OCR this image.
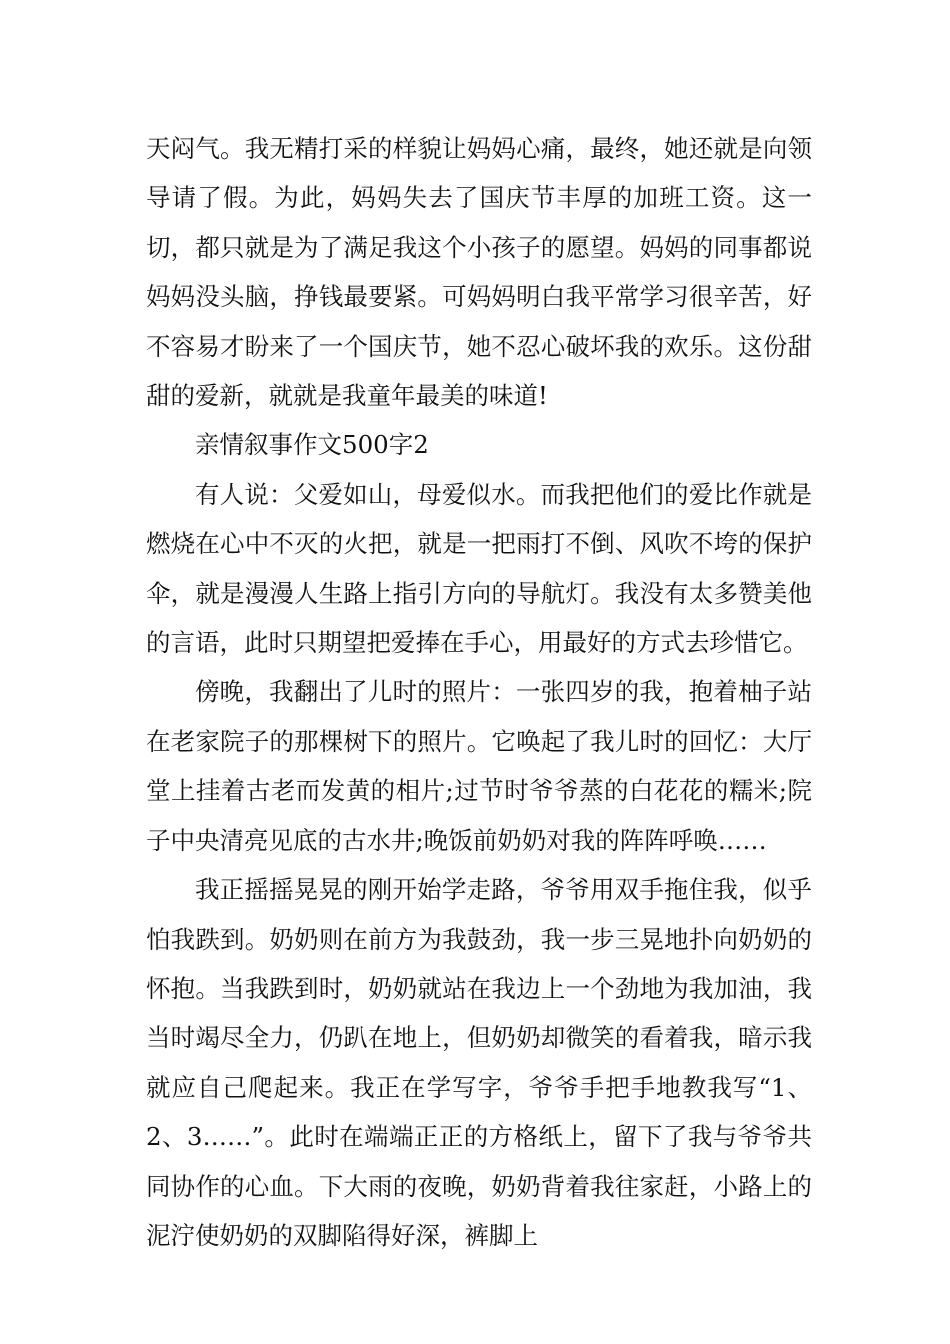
天闷气。我无精打采的样貌让妈妈心痛，最终，她还就是向领导请了假。为此，妈妈失去了国庆节丰厚的加班工资。这一切，都只就是为了满足我这个小孩子的愿望。妈妈的同事都说妈妈没头脑，挣钱最要紧。可妈妈明白我平常学习很辛苦，好不容易才盼来了一个国庆节，她不忍心破坏我的欢乐。这份甜甜的爱新，就就是我童年最美的味道!

亲情叙事作文500字2

有人说：父爱如山，母爱似水。而我把他们的爱比作就是燃烧在心中不灭的火把，就是一把雨打不倒、风吹不垮的保护伞，就是漫漫人生路上指引方向的导航灯。我没有太多赞美他的言语，此时只期望把爱捧在手心，用最好的方式去珍惜它。

傍晚，我翻出了儿时的照片：一张四岁的我，抱着柚子站在老家院子的那棵树下的照片。它唤起了我儿时的回忆：大厅堂上挂着古老而发黄的相片;过节时爷爷蒸的白花花的糯米;院子中央清亮见底的古水井;晚饭前奶奶对我的阵阵呼唤……

我正摇摇晃晃的刚开始学走路，爷爷用双手拖住我，似乎怕我跌到。奶奶则在前方为我鼓劲，我一步三晃地扑向奶奶的怀抱。当我跌到时，奶奶就站在我边上一个劲地为我加油，我当时竭尽全力，仍趴在地上，但奶奶却微笑的看着我，暗示我就应自己爬起来。我正在学写字，爷爷手把手地教我写“1、2、3……”。此时在端端正正的方格纸上，留下了我与爷爷共同协作的心血。下大雨的夜晚，奶奶背着我往家赶，小路上的泥泞使奶奶的双脚陷得好深，裤脚上
